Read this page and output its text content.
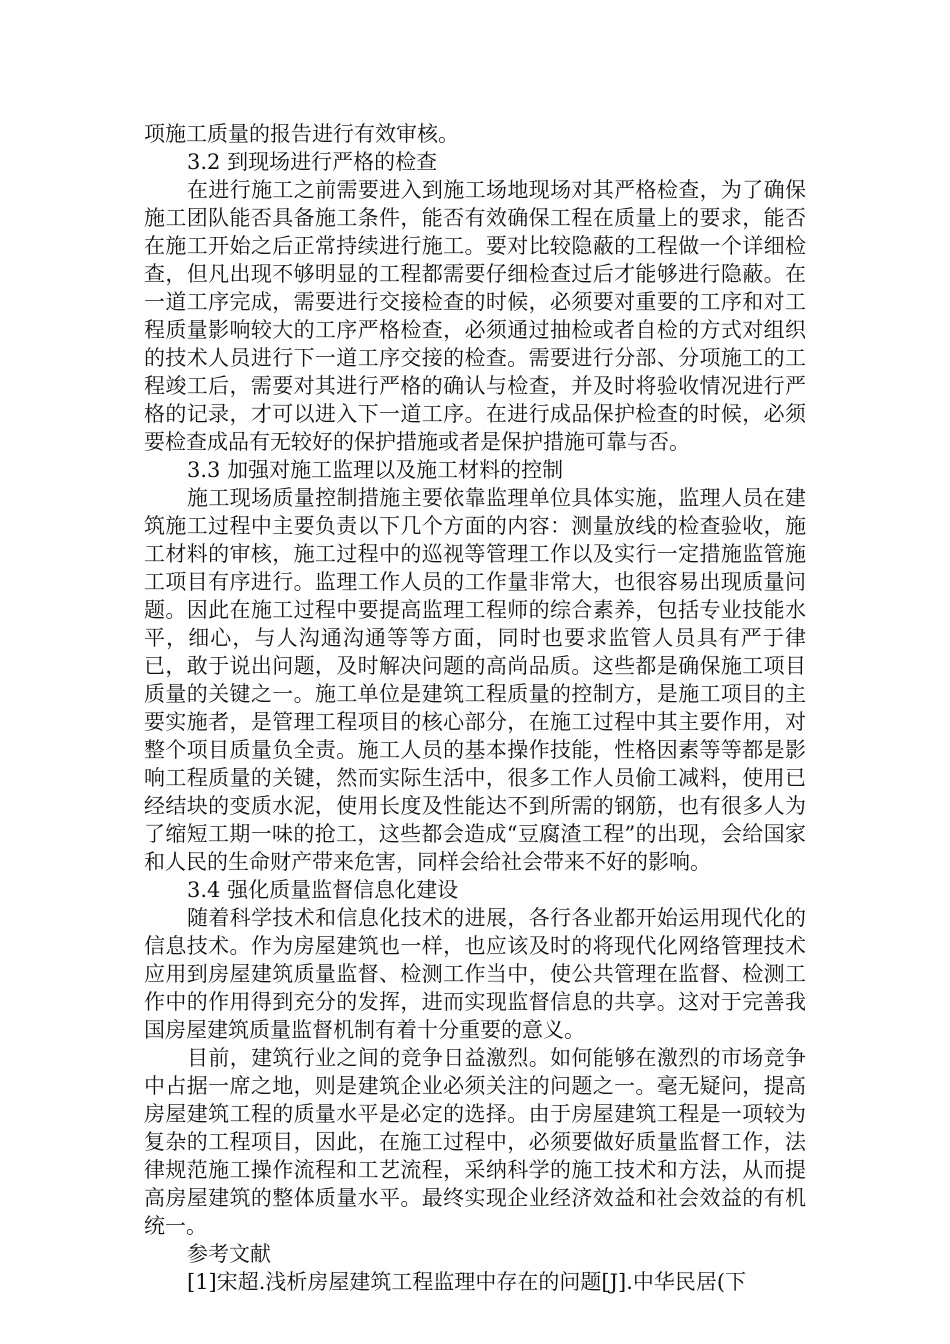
项施工质量的报告进行有效审核。

3.2 到现场进行严格的检查

在进行施工之前需要进入到施工场地现场对其严格检查，为了确保施工团队能否具备施工条件，能否有效确保工程在质量上的要求，能否在施工开始之后正常持续进行施工。要对比较隐蔽的工程做一个详细检查，但凡出现不够明显的工程都需要仔细检查过后才能够进行隐蔽。在一道工序完成，需要进行交接检查的时候，必须要对重要的工序和对工程质量影响较大的工序严格检查，必须通过抽检或者自检的方式对组织的技术人员进行下一道工序交接的检查。需要进行分部、分项施工的工程竣工后，需要对其进行严格的确认与检查，并及时将验收情况进行严格的记录，才可以进入下一道工序。在进行成品保护检查的时候，必须要检查成品有无较好的保护措施或者是保护措施可靠与否。

3.3 加强对施工监理以及施工材料的控制

施工现场质量控制措施主要依靠监理单位具体实施，监理人员在建筑施工过程中主要负责以下几个方面的内容：测量放线的检查验收，施工材料的审核，施工过程中的巡视等管理工作以及实行一定措施监管施工项目有序进行。监理工作人员的工作量非常大，也很容易出现质量问题。因此在施工过程中要提高监理工程师的综合素养，包括专业技能水平，细心，与人沟通沟通等等方面，同时也要求监管人员具有严于律已，敢于说出问题，及时解决问题的高尚品质。这些都是确保施工项目质量的关键之一。施工单位是建筑工程质量的控制方，是施工项目的主要实施者，是管理工程项目的核心部分，在施工过程中其主要作用，对整个项目质量负全责。施工人员的基本操作技能，性格因素等等都是影响工程质量的关键，然而实际生活中，很多工作人员偷工减料，使用已经结块的变质水泥，使用长度及性能达不到所需的钢筋，也有很多人为了缩短工期一味的抢工，这些都会造成“豆腐渣工程”的出现，会给国家和人民的生命财产带来危害，同样会给社会带来不好的影响。

3.4 强化质量监督信息化建设

随着科学技术和信息化技术的进展，各行各业都开始运用现代化的信息技术。作为房屋建筑也一样，也应该及时的将现代化网络管理技术应用到房屋建筑质量监督、检测工作当中，使公共管理在监督、检测工作中的作用得到充分的发挥，进而实现监督信息的共享。这对于完善我国房屋建筑质量监督机制有着十分重要的意义。

目前，建筑行业之间的竞争日益激烈。如何能够在激烈的市场竞争中占据一席之地，则是建筑企业必须关注的问题之一。毫无疑问，提高房屋建筑工程的质量水平是必定的选择。由于房屋建筑工程是一项较为复杂的工程项目，因此，在施工过程中，必须要做好质量监督工作，法律规范施工操作流程和工艺流程，采纳科学的施工技术和方法，从而提高房屋建筑的整体质量水平。最终实现企业经济效益和社会效益的有机统一。

参考文献

[1]宋超.浅析房屋建筑工程监理中存在的问题[J].中华民居(下
